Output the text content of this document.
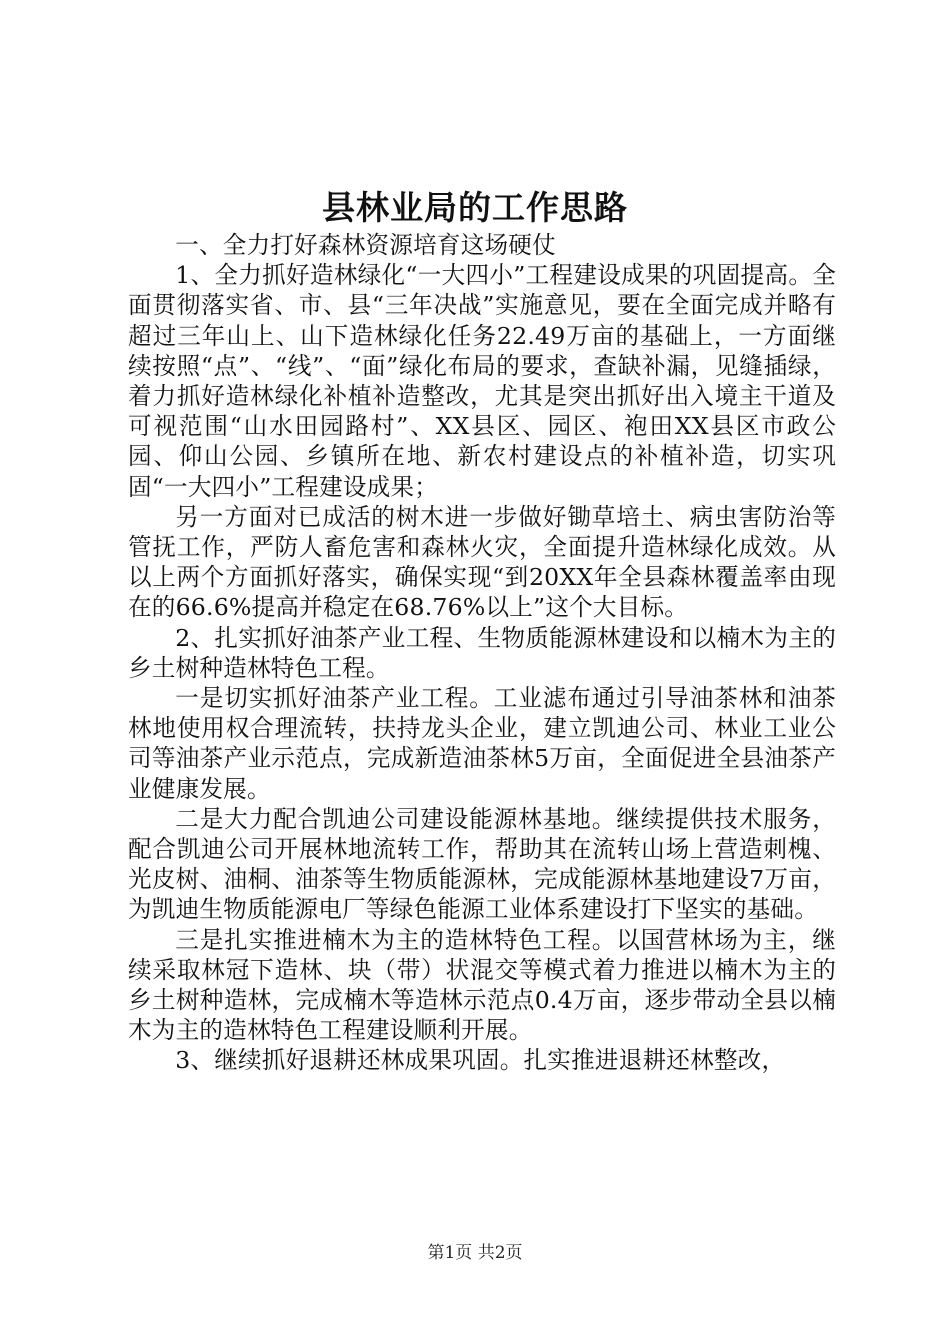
县林业局的工作思路

一、全力打好森林资源培育这场硬仗

1、全力抓好造林绿化“一大四小”工程建设成果的巩固提高。全面贯彻落实省、市、县“三年决战”实施意见，要在全面完成并略有超过三年山上、山下造林绿化任务22.49万亩的基础上，一方面继续按照“点”、“线”、“面”绿化布局的要求，查缺补漏，见缝插绿，着力抓好造林绿化补植补造整改，尤其是突出抓好出入境主干道及可视范围“山水田园路村”、XX县区、园区、袍田XX县区市政公园、仰山公园、乡镇所在地、新农村建设点的补植补造，切实巩固“一大四小”工程建设成果；

另一方面对已成活的树木进一步做好锄草培土、病虫害防治等管抚工作，严防人畜危害和森林火灾，全面提升造林绿化成效。从以上两个方面抓好落实，确保实现“到20XX年全县森林覆盖率由现在的66.6%提高并稳定在68.76%以上”这个大目标。

2、扎实抓好油茶产业工程、生物质能源林建设和以楠木为主的乡土树种造林特色工程。

一是切实抓好油茶产业工程。工业滤布通过引导油茶林和油茶林地使用权合理流转，扶持龙头企业，建立凯迪公司、林业工业公司等油茶产业示范点，完成新造油茶林5万亩，全面促进全县油茶产业健康发展。

二是大力配合凯迪公司建设能源林基地。继续提供技术服务，配合凯迪公司开展林地流转工作，帮助其在流转山场上营造刺槐、光皮树、油桐、油茶等生物质能源林，完成能源林基地建设7万亩，为凯迪生物质能源电厂等绿色能源工业体系建设打下坚实的基础。

三是扎实推进楠木为主的造林特色工程。以国营林场为主，继续采取林冠下造林、块（带）状混交等模式着力推进以楠木为主的乡土树种造林，完成楠木等造林示范点0.4万亩，逐步带动全县以楠木为主的造林特色工程建设顺利开展。

3、继续抓好退耕还林成果巩固。扎实推进退耕还林整改，

第1页 共2页
